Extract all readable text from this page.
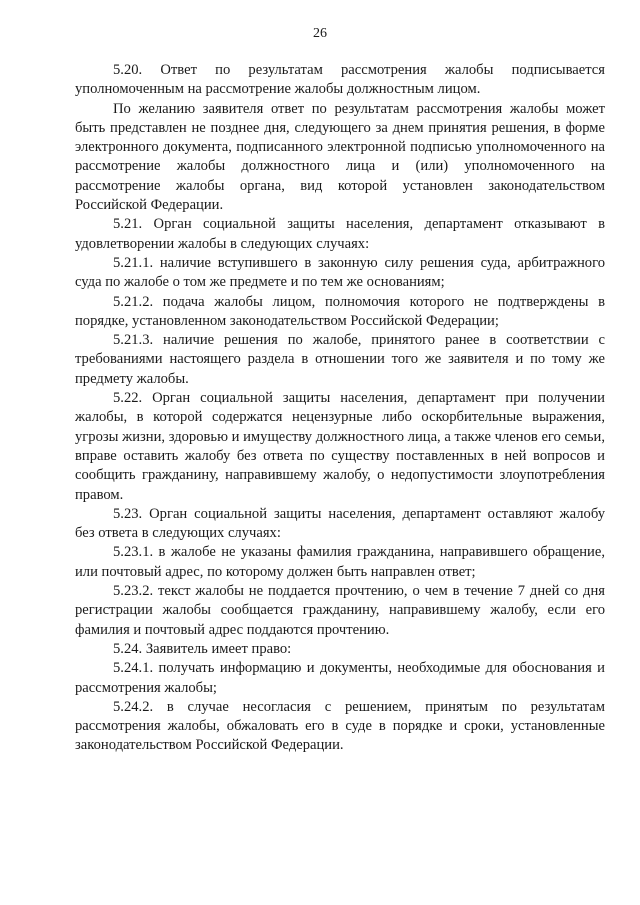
26

5.20. Ответ по результатам рассмотрения жалобы подписывается уполномоченным на рассмотрение жалобы должностным лицом.

По желанию заявителя ответ по результатам рассмотрения жалобы может быть представлен не позднее дня, следующего за днем принятия решения, в форме электронного документа, подписанного электронной подписью уполномоченного на рассмотрение жалобы должностного лица и (или) уполномоченного на рассмотрение жалобы органа, вид которой установлен законодательством Российской Федерации.

5.21. Орган социальной защиты населения, департамент отказывают в удовлетворении жалобы в следующих случаях:

5.21.1. наличие вступившего в законную силу решения суда, арбитражного суда по жалобе о том же предмете и по тем же основаниям;

5.21.2. подача жалобы лицом, полномочия которого не подтверждены в порядке, установленном законодательством Российской Федерации;

5.21.3. наличие решения по жалобе, принятого ранее в соответствии с требованиями настоящего раздела в отношении того же заявителя и по тому же предмету жалобы.

5.22. Орган социальной защиты населения, департамент при получении жалобы, в которой содержатся нецензурные либо оскорбительные выражения, угрозы жизни, здоровью и имуществу должностного лица, а также членов его семьи, вправе оставить жалобу без ответа по существу поставленных в ней вопросов и сообщить гражданину, направившему жалобу, о недопустимости злоупотребления правом.

5.23. Орган социальной защиты населения, департамент оставляют жалобу без ответа в следующих случаях:

5.23.1. в жалобе не указаны фамилия гражданина, направившего обращение, или почтовый адрес, по которому должен быть направлен ответ;

5.23.2. текст жалобы не поддается прочтению, о чем в течение 7 дней со дня регистрации жалобы сообщается гражданину, направившему жалобу, если его фамилия и почтовый адрес поддаются прочтению.

5.24. Заявитель имеет право:

5.24.1. получать информацию и документы, необходимые для обоснования и рассмотрения жалобы;

5.24.2. в случае несогласия с решением, принятым по результатам рассмотрения жалобы, обжаловать его в суде в порядке и сроки, установленные законодательством Российской Федерации.
